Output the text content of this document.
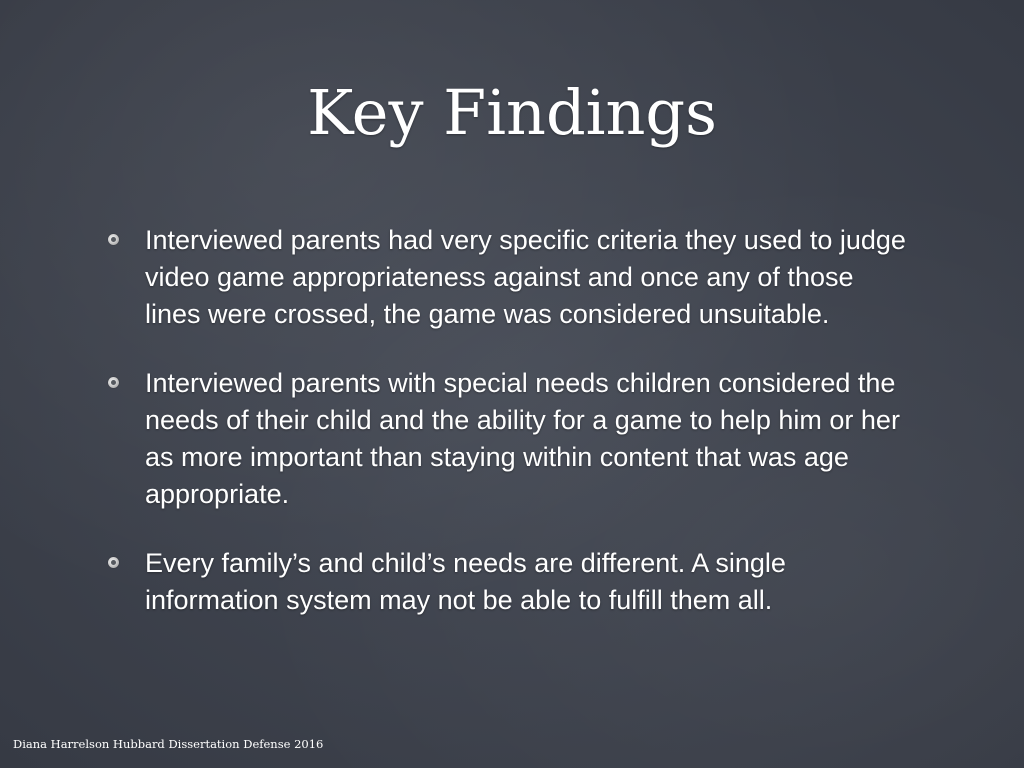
Key Findings
Interviewed parents had very specific criteria they used to judge video game appropriateness against and once any of those lines were crossed, the game was considered unsuitable.
Interviewed parents with special needs children considered the needs of their child and the ability for a game to help him or her as more important than staying within content that was age appropriate.
Every family’s and child’s needs are different. A single information system may not be able to fulfill them all.
Diana Harrelson Hubbard Dissertation Defense 2016
